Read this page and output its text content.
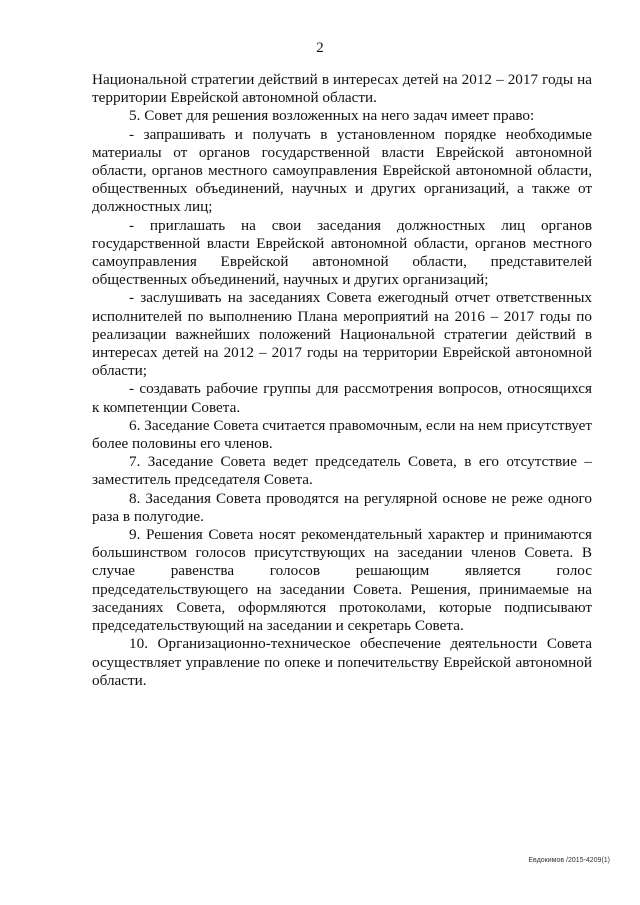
2

Национальной стратегии действий в интересах детей на 2012 – 2017 годы на территории Еврейской автономной области.

5. Совет для решения возложенных на него задач имеет право:

- запрашивать и получать в установленном порядке необходимые материалы от органов государственной власти Еврейской автономной области, органов местного самоуправления Еврейской автономной области, общественных объединений, научных и других организаций, а также от должностных лиц;

- приглашать на свои заседания должностных лиц органов государственной власти Еврейской автономной области, органов местного самоуправления Еврейской автономной области, представителей общественных объединений, научных и других организаций;

- заслушивать на заседаниях Совета ежегодный отчет ответственных исполнителей по выполнению Плана мероприятий на 2016 – 2017 годы по реализации важнейших положений Национальной стратегии действий в интересах детей на 2012 – 2017 годы на территории Еврейской автономной области;

- создавать рабочие группы для рассмотрения вопросов, относящихся к компетенции Совета.

6. Заседание Совета считается правомочным, если на нем присутствует более половины его членов.

7. Заседание Совета ведет председатель Совета, в его отсутствие – заместитель председателя Совета.

8. Заседания Совета проводятся на регулярной основе не реже одного раза в полугодие.

9. Решения Совета носят рекомендательный характер и принимаются большинством голосов присутствующих на заседании членов Совета. В случае равенства голосов решающим является голос председательствующего на заседании Совета. Решения, принимаемые на заседаниях Совета, оформляются протоколами, которые подписывают председательствующий на заседании и секретарь Совета.

10. Организационно-техническое обеспечение деятельности Совета осуществляет управление по опеке и попечительству Еврейской автономной области.

Евдокимов /2015-4209(1)
